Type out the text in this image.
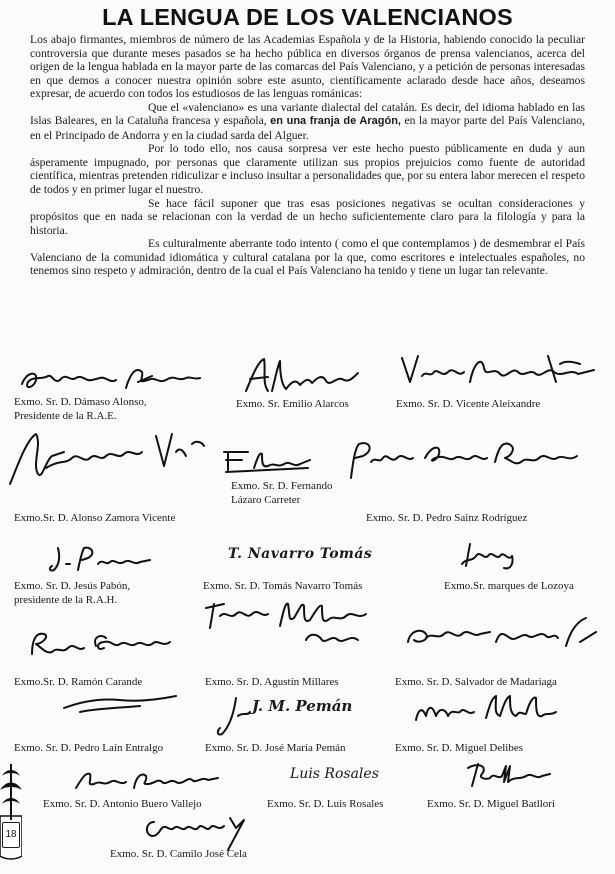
LA LENGUA DE LOS VALENCIANOS

Los abajo firmantes, miembros de número de las Academias Española y de la Historia, habiendo conocido la peculiar controversia que durante meses pasados se ha hecho pública en diversos órganos de prensa valencianos, acerca del origen de la lengua hablada en la mayor parte de las comarcas del País Valenciano, y a petición de personas interesadas en que demos a conocer nuestra opinión sobre este asunto, científicamente aclarado desde hace años, deseamos expresar, de acuerdo con todos los estudiosos de las lenguas románicas:

Que el «valenciano» es una variante dialectal del catalán. Es decir, del idioma hablado en las Islas Baleares, en la Cataluña francesa y española, en una franja de Aragón, en la mayor parte del País Valenciano, en el Principado de Andorra y en la ciudad sarda del Alguer.

Por lo todo ello, nos causa sorpresa ver este hecho puesto públicamente en duda y aun ásperamente impugnado, por personas que claramente utilizan sus propios prejuicios como fuente de autoridad científica, mientras pretenden ridiculizar e incluso insultar a personalidades que, por su entera labor merecen el respeto de todos y en primer lugar el nuestro.

Se hace fácil suponer que tras esas posiciones negativas se ocultan consideraciones y propósitos que en nada se relacionan con la verdad de un hecho suficientemente claro para la filología y para la historia.

Es culturalmente aberrante todo intento ( como el que contemplamos ) de desmembrar el País Valenciano de la comunidad idiomática y cultural catalana por la que, como escritores e intelectuales españoles, no tenemos sino respeto y admiración, dentro de la cual el País Valenciano ha tenido y tiene un lugar tan relevante.

Exmo. Sr. D. Dámaso Alonso,
Presidente de la R.A.E.
Exmo. Sr. Emilio Alarcos	Exmo. Sr. D. Vicente Aleixandre
Exmo.Sr. D. Alonso Zamora Vicente
Exmo. Sr. D. Fernando
Lázaro Carreter
Exmo. Sr. D. Pedro Sainz Rodríguez
Exmo. Sr. D. Jesús Pabón,
presidente de la R.A.H.
T. Navarro Tomás
Exmo. Sr. D. Tomás Navarro Tomás	Exmo.Sr. marques de Lozoya
Exmo.Sr. D. Ramón Carande	Exmo. Sr. D. Agustín Millares	Exmo. Sr. D. Salvador de Madariaga
Exmo. Sr. D. Pedro Laín Entralgo
J. M. Pemán
Exmo. Sr. D. José María Pemán	Exmo. Sr. D. Miguel Delibes
Exmo. Sr. D. Antonio Buero Vallejo
Luis Rosales
Exmo. Sr. D. Luis Rosales	Exmo. Sr. D. Miguel Batllori
Exmo. Sr. D. Camilo José Cela
18
